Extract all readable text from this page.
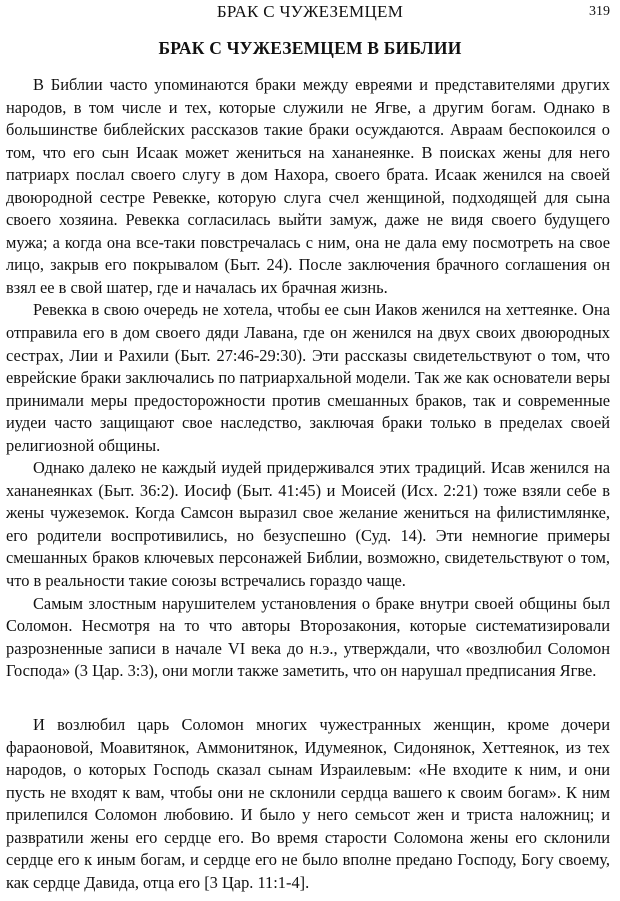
БРАК С ЧУЖЕЗЕМЦЕМ	319
БРАК С ЧУЖЕЗЕМЦЕМ В БИБЛИИ

В Библии часто упоминаются браки между евреями и представителями других народов, в том числе и тех, которые служили не Ягве, а другим богам. Однако в большинстве библейских рассказов такие браки осуждаются. Авраам беспокоился о том, что его сын Исаак может жениться на хананеянке. В поисках жены для него патриарх послал своего слугу в дом Нахора, своего брата. Исаак женился на своей двоюродной сестре Ревекке, которую слуга счел женщиной, подходящей для сына своего хозяина. Ревекка согласилась выйти замуж, даже не видя своего будущего мужа; а когда она все-таки повстречалась с ним, она не дала ему посмотреть на свое лицо, закрыв его покрывалом (Быт. 24). После заключения брачного соглашения он взял ее в свой шатер, где и началась их брачная жизнь.

Ревекка в свою очередь не хотела, чтобы ее сын Иаков женился на хеттеянке. Она отправила его в дом своего дяди Лавана, где он женился на двух своих двоюродных сестрах, Лии и Рахили (Быт. 27:46-29:30). Эти рассказы свидетельствуют о том, что еврейские браки заключались по патриархальной модели. Так же как основатели веры принимали меры предосторожности против смешанных браков, так и современные иудеи часто защищают свое наследство, заключая браки только в пределах своей религиозной общины.

Однако далеко не каждый иудей придерживался этих традиций. Исав женился на хананеянках (Быт. 36:2). Иосиф (Быт. 41:45) и Моисей (Исх. 2:21) тоже взяли себе в жены чужеземок. Когда Самсон выразил свое желание жениться на филистимлянке, его родители воспротивились, но безуспешно (Суд. 14). Эти немногие примеры смешанных браков ключевых персонажей Библии, возможно, свидетельствуют о том, что в реальности такие союзы встречались гораздо чаще.

Самым злостным нарушителем установления о браке внутри своей общины был Соломон. Несмотря на то что авторы Второзакония, которые систематизировали разрозненные записи в начале VI века до н.э., утверждали, что «возлюбил Соломон Господа» (3 Цар. 3:3), они могли также заметить, что он нарушал предписания Ягве.

И возлюбил царь Соломон многих чужестранных женщин, кроме дочери фараоновой, Моавитянок, Аммонитянок, Идумеянок, Сидонянок, Хеттеянок, из тех народов, о которых Господь сказал сынам Израилевым: «Не входите к ним, и они пусть не входят к вам, чтобы они не склонили сердца вашего к своим богам». К ним прилепился Соломон любовию. И было у него семьсот жен и триста наложниц; и развратили жены его сердце его. Во время старости Соломона жены его склонили сердце его к иным богам, и сердце его не было вполне предано Господу, Богу своему, как сердце Давида, отца его [3 Цар. 11:1-4].
